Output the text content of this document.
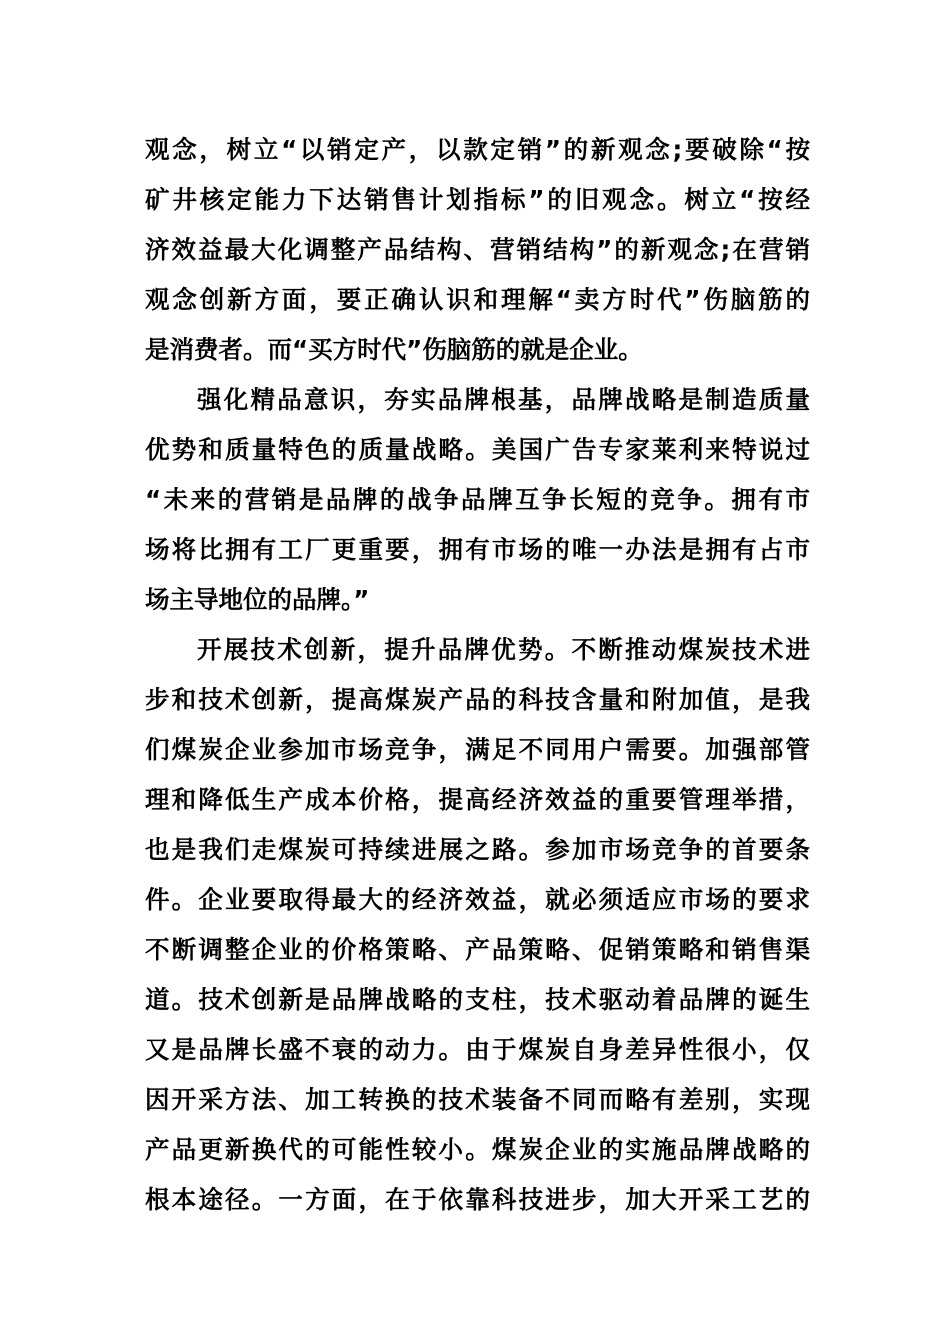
观念，树立“以销定产，以款定销”的新观念;要破除“按
矿井核定能力下达销售计划指标”的旧观念。树立“按经
济效益最大化调整产品结构、营销结构”的新观念;在营销
观念创新方面，要正确认识和理解“卖方时代”伤脑筋的
是消费者。而“买方时代”伤脑筋的就是企业。
强化精品意识，夯实品牌根基，品牌战略是制造质量
优势和质量特色的质量战略。美国广告专家莱利来特说过
“未来的营销是品牌的战争品牌互争长短的竞争。拥有市
场将比拥有工厂更重要，拥有市场的唯一办法是拥有占市
场主导地位的品牌。”
开展技术创新，提升品牌优势。不断推动煤炭技术进
步和技术创新，提高煤炭产品的科技含量和附加值，是我
们煤炭企业参加市场竞争，满足不同用户需要。加强部管
理和降低生产成本价格，提高经济效益的重要管理举措，
也是我们走煤炭可持续进展之路。参加市场竞争的首要条
件。企业要取得最大的经济效益，就必须适应市场的要求
不断调整企业的价格策略、产品策略、促销策略和销售渠
道。技术创新是品牌战略的支柱，技术驱动着品牌的诞生
又是品牌长盛不衰的动力。由于煤炭自身差异性很小，仅
因开采方法、加工转换的技术装备不同而略有差别，实现
产品更新换代的可能性较小。煤炭企业的实施品牌战略的
根本途径。一方面，在于依靠科技进步，加大开采工艺的
